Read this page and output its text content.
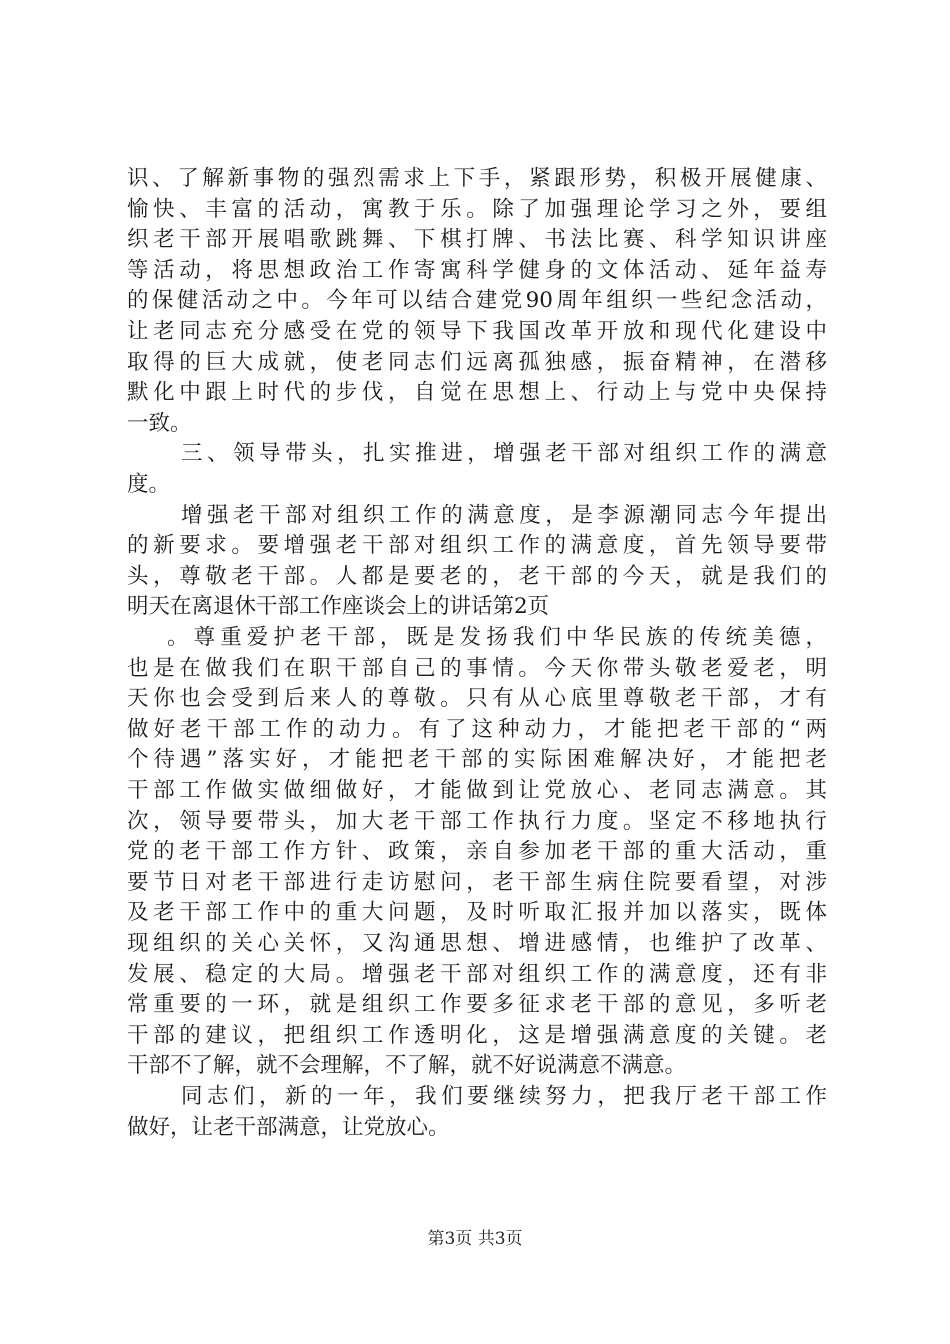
识、了解新事物的强烈需求上下手，紧跟形势，积极开展健康、
愉快、丰富的活动，寓教于乐。除了加强理论学习之外，要组
织老干部开展唱歌跳舞、下棋打牌、书法比赛、科学知识讲座
等活动，将思想政治工作寄寓科学健身的文体活动、延年益寿
的保健活动之中。今年可以结合建党90周年组织一些纪念活动，
让老同志充分感受在党的领导下我国改革开放和现代化建设中
取得的巨大成就，使老同志们远离孤独感，振奋精神，在潜移
默化中跟上时代的步伐，自觉在思想上、行动上与党中央保持
一致。
三、领导带头，扎实推进，增强老干部对组织工作的满意
度。
增强老干部对组织工作的满意度，是李源潮同志今年提出
的新要求。要增强老干部对组织工作的满意度，首先领导要带
头，尊敬老干部。人都是要老的，老干部的今天，就是我们的
明天在离退休干部工作座谈会上的讲话第2页
。尊重爱护老干部，既是发扬我们中华民族的传统美德，
也是在做我们在职干部自己的事情。今天你带头敬老爱老，明
天你也会受到后来人的尊敬。只有从心底里尊敬老干部，才有
做好老干部工作的动力。有了这种动力，才能把老干部的“两
个待遇”落实好，才能把老干部的实际困难解决好，才能把老
干部工作做实做细做好，才能做到让党放心、老同志满意。其
次，领导要带头，加大老干部工作执行力度。坚定不移地执行
党的老干部工作方针、政策，亲自参加老干部的重大活动，重
要节日对老干部进行走访慰问，老干部生病住院要看望，对涉
及老干部工作中的重大问题，及时听取汇报并加以落实，既体
现组织的关心关怀，又沟通思想、增进感情，也维护了改革、
发展、稳定的大局。增强老干部对组织工作的满意度，还有非
常重要的一环，就是组织工作要多征求老干部的意见，多听老
干部的建议，把组织工作透明化，这是增强满意度的关键。老
干部不了解，就不会理解，不了解，就不好说满意不满意。
同志们，新的一年，我们要继续努力，把我厅老干部工作
做好，让老干部满意，让党放心。
第3页 共3页
